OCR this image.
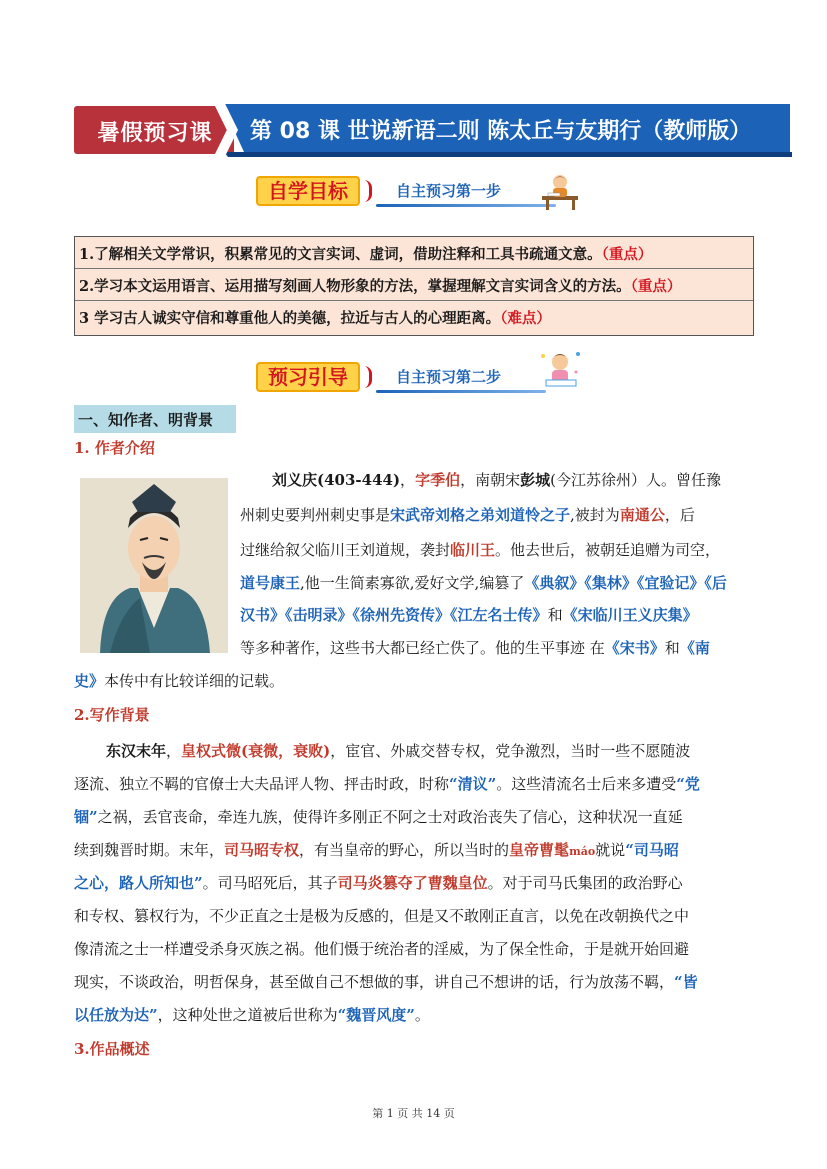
暑假预习课	第 08 课 世说新语二则 陈太丘与友期行（教师版）
自学目标	自主预习第一步
1.了解相关文学常识，积累常见的文言实词、虚词，借助注释和工具书疏通文意。（重点）
2.学习本文运用语言、运用描写刻画人物形象的方法，掌握理解文言实词含义的方法。（重点）
3 学习古人诚实守信和尊重他人的美德，拉近与古人的心理距离。（难点）
预习引导	自主预习第二步
一、知作者、明背景
1. 作者介绍
刘义庆(403-444)，字季伯，南朝宋彭城(今江苏徐州）人。曾任豫
州刺史要判州刺史事是宋武帝刘格之弟刘道怜之子,被封为南通公，后
过继给叙父临川王刘道规，袭封临川王。他去世后，被朝廷追赠为司空，
道号康王,他一生简素寡欲,爱好文学,编篡了《典叙》《集林》《宜验记》《后
汉书》《击明录》《徐州先资传》《江左名士传》和《宋临川王义庆集》
等多种著作，这些书大都已经亡佚了。他的生平事迹 在《宋书》和《南
史》本传中有比较详细的记载。
2.写作背景
东汉末年，皇权式微(衰微，衰败)，宦官、外戚交替专权，党争激烈，当时一些不愿随波
逐流、独立不羁的官僚士大夫品评人物、抨击时政，时称“清议”。这些清流名士后来多遭受“党
锢”之祸，丢官丧命，牵连九族，使得许多刚正不阿之士对政治丧失了信心，这种状况一直延
续到魏晋时期。末年，司马昭专权，有当皇帝的野心，所以当时的皇帝曹髦máo就说“司马昭
之心，路人所知也”。司马昭死后，其子司马炎篡夺了曹魏皇位。对于司马氏集团的政治野心
和专权、篡权行为，不少正直之士是极为反感的，但是又不敢刚正直言，以免在改朝换代之中
像清流之士一样遭受杀身灭族之祸。他们慑于统治者的淫威，为了保全性命，于是就开始回避
现实，不谈政治，明哲保身，甚至做自己不想做的事，讲自己不想讲的话，行为放荡不羁，“皆
以任放为达”，这种处世之道被后世称为“魏晋风度”。
3.作品概述
第 1 页 共 14 页
